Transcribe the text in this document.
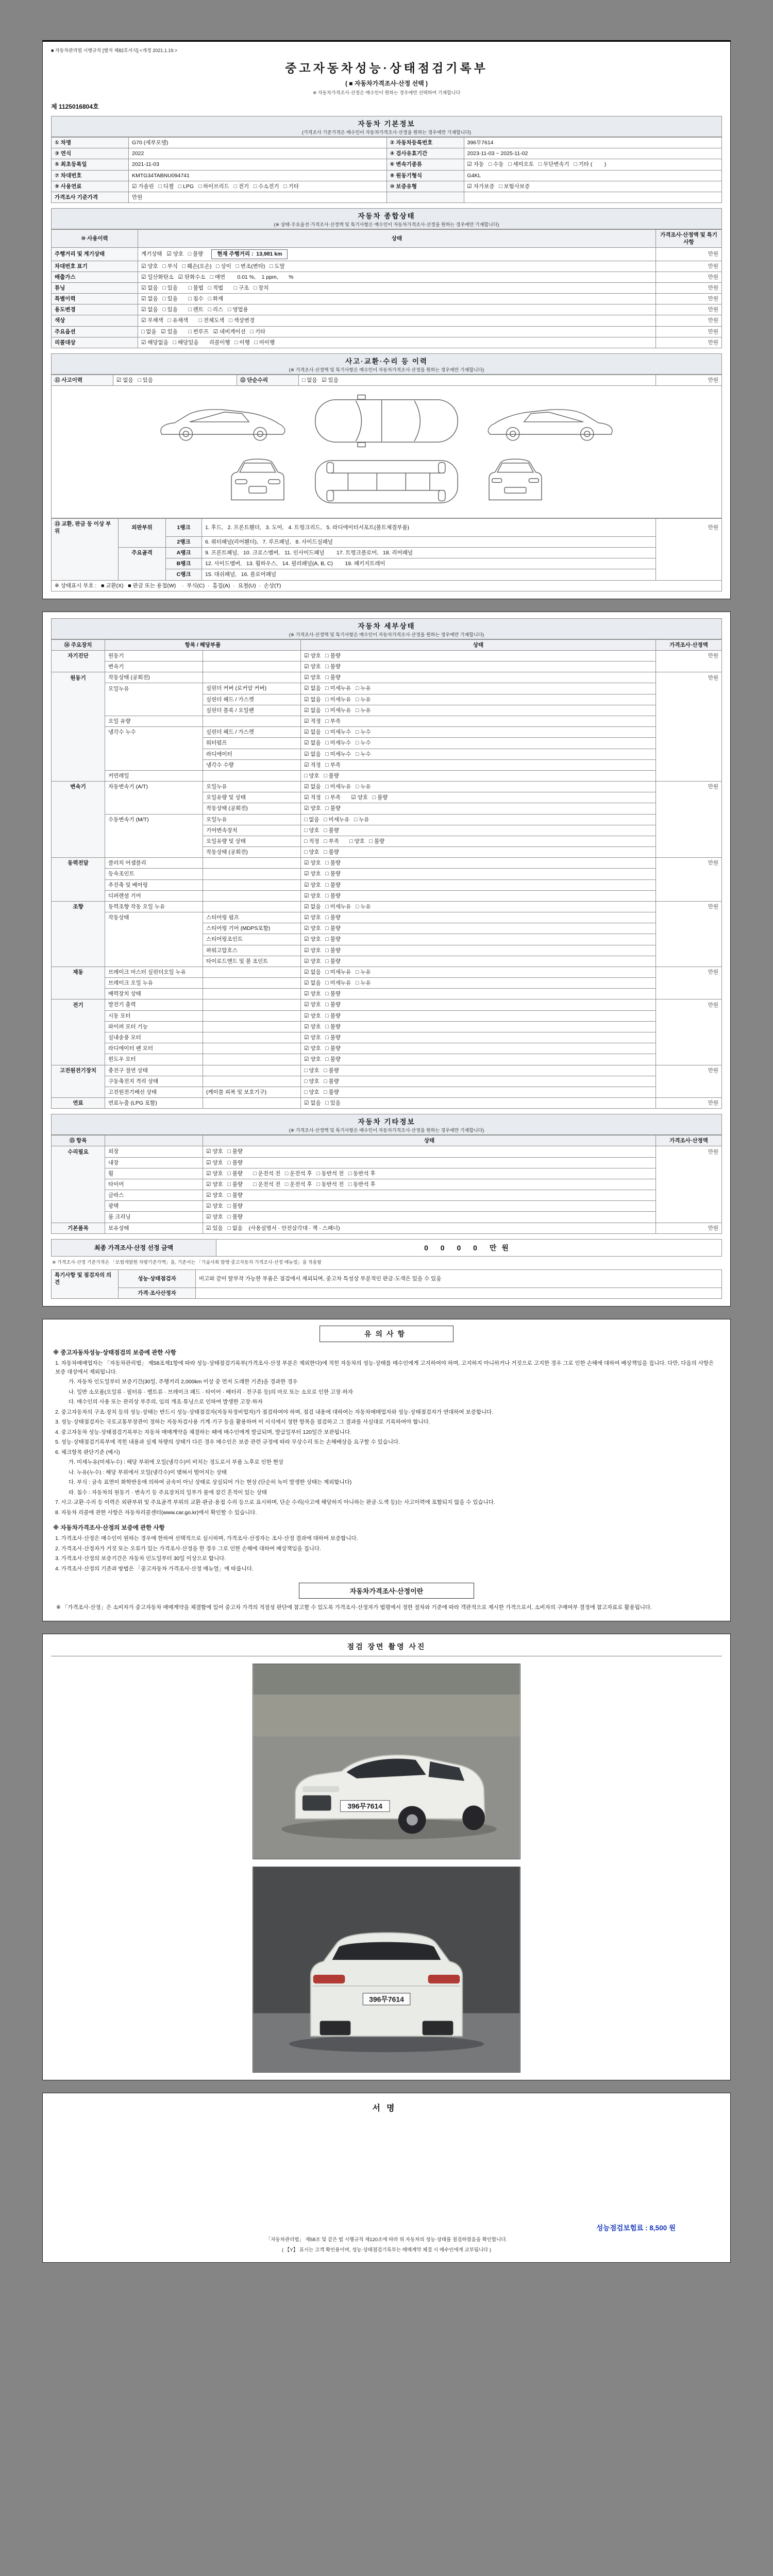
■ 자동차관리법 시행규칙 [별지 제82호서식] <개정 2021.1.19.>
중고자동차성능·상태점검기록부
( ■ 자동차가격조사·산정 선택 )
※ 자동차가격조사·산정은 매수인이 원하는 경우에만 선택하여 기재합니다
제 1125016804호
자동차 기본정보
(가격조사 기준가격은 매수인이 자동차가격조사·산정을 원하는 경우에만 기재합니다)
① 차명	G70 (세부모델)	② 자동차등록번호	396무7614
③ 연식	2022	④ 검사유효기간	2023-11-03 ~ 2025-11-02
⑤ 최초등록일	2021-11-03	⑥ 변속기종류	☑ 자동   □ 수동   □ 세미오토   □ 무단변속기   □ 기타 (        )
⑦ 차대번호	KMTG34TABNU094741	⑧ 원동기형식	G4KL
⑨ 사용연료	☑ 가솔린   □ 디젤   □ LPG   □ 하이브리드   □ 전기   □ 수소전기   □ 기타	⑩ 보증유형	☑ 자가보증   □ 보험사보증
가격조사 기준가격	만원		
자동차 종합상태
(※ 상태·주요옵션·가격조사·산정액 및 특기사항은 매수인이 자동차가격조사·산정을 원하는 경우에만 기재합니다)
⑩ 사용이력	상태	가격조사·산정액 및 특기사항
주행거리 및 계기상태	계기상태   ☑ 양호   □ 불량 현재 주행거리 :  13,981 km	만원
차대번호 표기	☑ 양호   □ 부식   □ 훼손(오손)   □ 상이   □ 변조(변타)   □ 도말	만원
배출가스	☑ 일산화탄소   ☑ 탄화수소   □ 매연        0.01 %,    1 ppm,       %	만원
튜닝	☑ 없음   □ 있음       □ 불법   □ 적법       □ 구조   □ 장치	만원
특별이력	☑ 없음   □ 있음       □ 침수   □ 화재	만원
용도변경	☑ 없음   □ 있음       □ 렌트   □ 리스   □ 영업용	만원
색상	☑ 무채색   □ 유채색       □ 전체도색   □ 색상변경	만원
주요옵션	□ 없음   ☑ 있음       □ 썬루프   ☑ 네비게이션   □ 기타	만원
리콜대상	☑ 해당없음   □ 해당있음       리콜이행   □ 이행   □ 미이행	만원
사고·교환·수리 등 이력
(※ 가격조사·산정액 및 특기사항은 매수인이 자동차가격조사·산정을 원하는 경우에만 기재합니다)
⑪ 사고이력	☑ 없음   □ 있음	⑫ 단순수리	□ 없음   ☑ 있음	만원
⑬ 교환, 판금 등 이상 부위	외판부위	1랭크	1. 후드,   2. 프론트휀더,   3. 도어,   4. 트렁크리드,   5. 라디에이터서포트(볼트체결부품)	만원
		2랭크	6. 쿼터패널(리어휀더),   7. 루프패널,   8. 사이드실패널	
	주요골격	A랭크	9. 프론트패널,   10. 크로스멤버,   11. 인사이드패널        17. 트렁크플로어,   18. 리어패널	
		B랭크	12. 사이드멤버,   13. 휠하우스,   14. 필러패널(A, B, C)        19. 패키지트레이	
		C랭크	15. 대쉬패널,   16. 플로어패널	
※ 상태표시 부호 :   ■ 교환(X)   ■ 판금 또는 용접(W)    ·  부식(C)  ·  흠집(A)  ·  요철(U)  ·  손상(T)				
자동차 세부상태
(※ 가격조사·산정액 및 특기사항은 매수인이 자동차가격조사·산정을 원하는 경우에만 기재합니다)
⑭ 주요장치	항목 / 해당부품		상태	가격조사·산정액
자기진단	원동기		☑ 양호   □ 불량	만원
	변속기		☑ 양호   □ 불량	
원동기	작동상태 (공회전)		☑ 양호   □ 불량	만원
	오일누유	실린더 커버 (로커암 커버)	☑ 없음   □ 미세누유   □ 누유	
		실린더 헤드 / 가스켓	☑ 없음   □ 미세누유   □ 누유	
		실린더 블록 / 오일팬	☑ 없음   □ 미세누유   □ 누유	
	오일 유량		☑ 적정   □ 부족	
	냉각수 누수	실린더 헤드 / 가스켓	☑ 없음   □ 미세누수   □ 누수	
		워터펌프	☑ 없음   □ 미세누수   □ 누수	
		라디에이터	☑ 없음   □ 미세누수   □ 누수	
		냉각수 수량	☑ 적정   □ 부족	
	커먼레일		□ 양호   □ 불량	
변속기	자동변속기 (A/T)	오일누유	☑ 없음   □ 미세누유   □ 누유	만원
		오일유량 및 상태	☑ 적정   □ 부족       ☑ 양호   □ 불량	
		작동상태 (공회전)	☑ 양호   □ 불량	
	수동변속기 (M/T)	오일누유	□ 없음   □ 미세누유   □ 누유	
		기어변속장치	□ 양호   □ 불량	
		오일유량 및 상태	□ 적정   □ 부족       □ 양호   □ 불량	
		작동상태 (공회전)	□ 양호   □ 불량	
동력전달	클러치 어셈블리		☑ 양호   □ 불량	만원
	등속조인트		☑ 양호   □ 불량	
	추진축 및 베어링		☑ 양호   □ 불량	
	디퍼렌셜 기어		☑ 양호   □ 불량	
조향	동력조향 작동 오일 누유		☑ 없음   □ 미세누유   □ 누유	만원
	작동상태	스티어링 펌프	☑ 양호   □ 불량	
		스티어링 기어 (MDPS포함)	☑ 양호   □ 불량	
		스티어링조인트	☑ 양호   □ 불량	
		파워고압호스	☑ 양호   □ 불량	
		타이로드엔드 및 볼 조인트	☑ 양호   □ 불량	
제동	브레이크 마스터 실린더오일 누유		☑ 없음   □ 미세누유   □ 누유	만원
	브레이크 오일 누유		☑ 없음   □ 미세누유   □ 누유	
	배력장치 상태		☑ 양호   □ 불량	
전기	발전기 출력		☑ 양호   □ 불량	만원
	시동 모터		☑ 양호   □ 불량	
	와이퍼 모터 기능		☑ 양호   □ 불량	
	실내송풍 모터		☑ 양호   □ 불량	
	라디에이터 팬 모터		☑ 양호   □ 불량	
	윈도우 모터		☑ 양호   □ 불량	
고전원전기장치	충전구 절연 상태		□ 양호   □ 불량	만원
	구동축전지 격리 상태		□ 양호   □ 불량	
	고전원전기배선 상태	(케이블 피복 및 보호기구)	□ 양호   □ 불량	
연료	연료누출 (LPG 포함)		☑ 없음   □ 있음	만원
자동차 기타정보
(※ 가격조사·산정액 및 특기사항은 매수인이 자동차가격조사·산정을 원하는 경우에만 기재합니다)
⑮ 항목		상태	가격조사·산정액
수리필요	외장	☑ 양호   □ 불량	만원
	내장	☑ 양호   □ 불량	
	휠	☑ 양호   □ 불량       □ 운전석 전   □ 운전석 후   □ 동반석 전   □ 동반석 후	
	타이어	☑ 양호   □ 불량       □ 운전석 전   □ 운전석 후   □ 동반석 전   □ 동반석 후	
	글라스	☑ 양호   □ 불량	
	광택	☑ 양호   □ 불량	
	룸 크리닝	☑ 양호   □ 불량	
기본품목	보유상태	☑ 있음   □ 없음    (사용설명서 · 안전삼각대 · 잭 · 스패너)	만원
최종 가격조사·산정 선정 금액	0 0 0 0 만원
※ 가격조사·산정 기준가격은 「보험개발원 차량기준가액」을, 기준서는 「기술사회 발행 중고자동차 가격조사·산정 매뉴얼」을 적용함
특기사항 및 점검자의 의견	성능·상태점검자	비고와 같이 탈부착 가능한 부품은 점검에서 제외되며, 중고차 특성상 부분적인 판금·도색은 있을 수 있음
	가격·조사산정자	
유의사항

※ 중고자동차성능·상태점검의 보증에 관한 사항

1. 자동차매매업자는 「자동차관리법」 제58조제1항에 따라 성능·상태점검기록부(가격조사·산정 부분은 제외한다)에 적힌 자동차의 성능·상태를 매수인에게 고지하여야 하며, 고지하지 아니하거나 거짓으로 고지한 경우 그로 인한 손해에 대하여 배상책임을 집니다. 다만, 다음의 사항은 보증 대상에서 제외됩니다.

가. 자동차 인도일부터 보증기간(30일, 주행거리 2,000km 이상 중 먼저 도래한 기준)을 경과한 경우

나. 일반 소모품(오일류 · 필터류 · 벨트류 · 브레이크 패드 · 타이어 · 배터리 · 전구류 등)의 마모 또는 소모로 인한 고장·하자

다. 매수인의 사용 또는 관리상 부주의, 임의 개조·튜닝으로 인하여 발생한 고장·하자

2. 중고자동차의 구조·장치 등의 성능·상태는 반드시 성능·상태점검자(자동차정비업자)가 점검하여야 하며, 점검 내용에 대하여는 자동차매매업자와 성능·상태점검자가 연대하여 보증합니다.

3. 성능·상태점검자는 국토교통부장관이 정하는 자동차검사용 기계·기구 등을 활용하여 이 서식에서 정한 항목을 점검하고 그 결과를 사실대로 기록하여야 합니다.

4. 중고자동차 성능·상태점검기록부는 자동차 매매계약을 체결하는 때에 매수인에게 발급되며, 발급일부터 120일간 보관됩니다.

5. 성능·상태점검기록부에 적힌 내용과 실제 차량의 상태가 다른 경우 매수인은 보증 관련 규정에 따라 무상수리 또는 손해배상을 요구할 수 있습니다.

6. 체크항목 판단기준 (예시)

가. 미세누유(미세누수) : 해당 부위에 오일(냉각수)이 비치는 정도로서 부품 노후로 인한 현상

나. 누유(누수) : 해당 부위에서 오일(냉각수)이 맺혀서 떨어지는 상태

다. 부식 : 금속 표면이 화학반응에 의하여 금속이 아닌 상태로 상실되어 가는 현상 (단순히 녹이 발생한 상태는 제외합니다)

라. 침수 : 자동차의 원동기 · 변속기 등 주요장치의 일부가 물에 잠긴 흔적이 있는 상태

7. 사고·교환·수리 등 이력은 외판부위 및 주요골격 부위의 교환·판금·용접 수리 등으로 표시하며, 단순 수리(사고에 해당하지 아니하는 판금·도색 등)는 사고이력에 포함되지 않을 수 있습니다.

8. 자동차 리콜에 관한 사항은 자동차리콜센터(www.car.go.kr)에서 확인할 수 있습니다.

※ 자동차가격조사·산정의 보증에 관한 사항

1. 가격조사·산정은 매수인이 원하는 경우에 한하여 선택적으로 실시하며, 가격조사·산정자는 조사·산정 결과에 대하여 보증합니다.

2. 가격조사·산정자가 거짓 또는 오류가 있는 가격조사·산정을 한 경우 그로 인한 손해에 대하여 배상책임을 집니다.

3. 가격조사·산정의 보증기간은 자동차 인도일부터 30일 이상으로 합니다.

4. 가격조사·산정의 기준과 방법은 「중고자동차 가격조사·산정 매뉴얼」에 따릅니다.

자동차가격조사·산정이란
※ 「가격조사·산정」은 소비자가 중고자동차 매매계약을 체결함에 있어 중고차 가격의 적절성 판단에 참고할 수 있도록 가격조사·산정자가 법령에서 정한 절차와 기준에 따라 객관적으로 제시한 가격으로서, 소비자의 구매여부 결정에 참고자료로 활용됩니다.
점검 장면 촬영 사진
396무7614
396무7614
서명
성능점검보험료 : 8,500 원
「자동차관리법」 제58조 및 같은 법 시행규칙 제120조에 따라 위 자동차의 성능·상태를 점검하였음을 확인합니다.
( 【Y】 표시는 고객 확인용이며, 성능·상태점검기록부는 매매계약 체결 시 매수인에게 교부됩니다 )
